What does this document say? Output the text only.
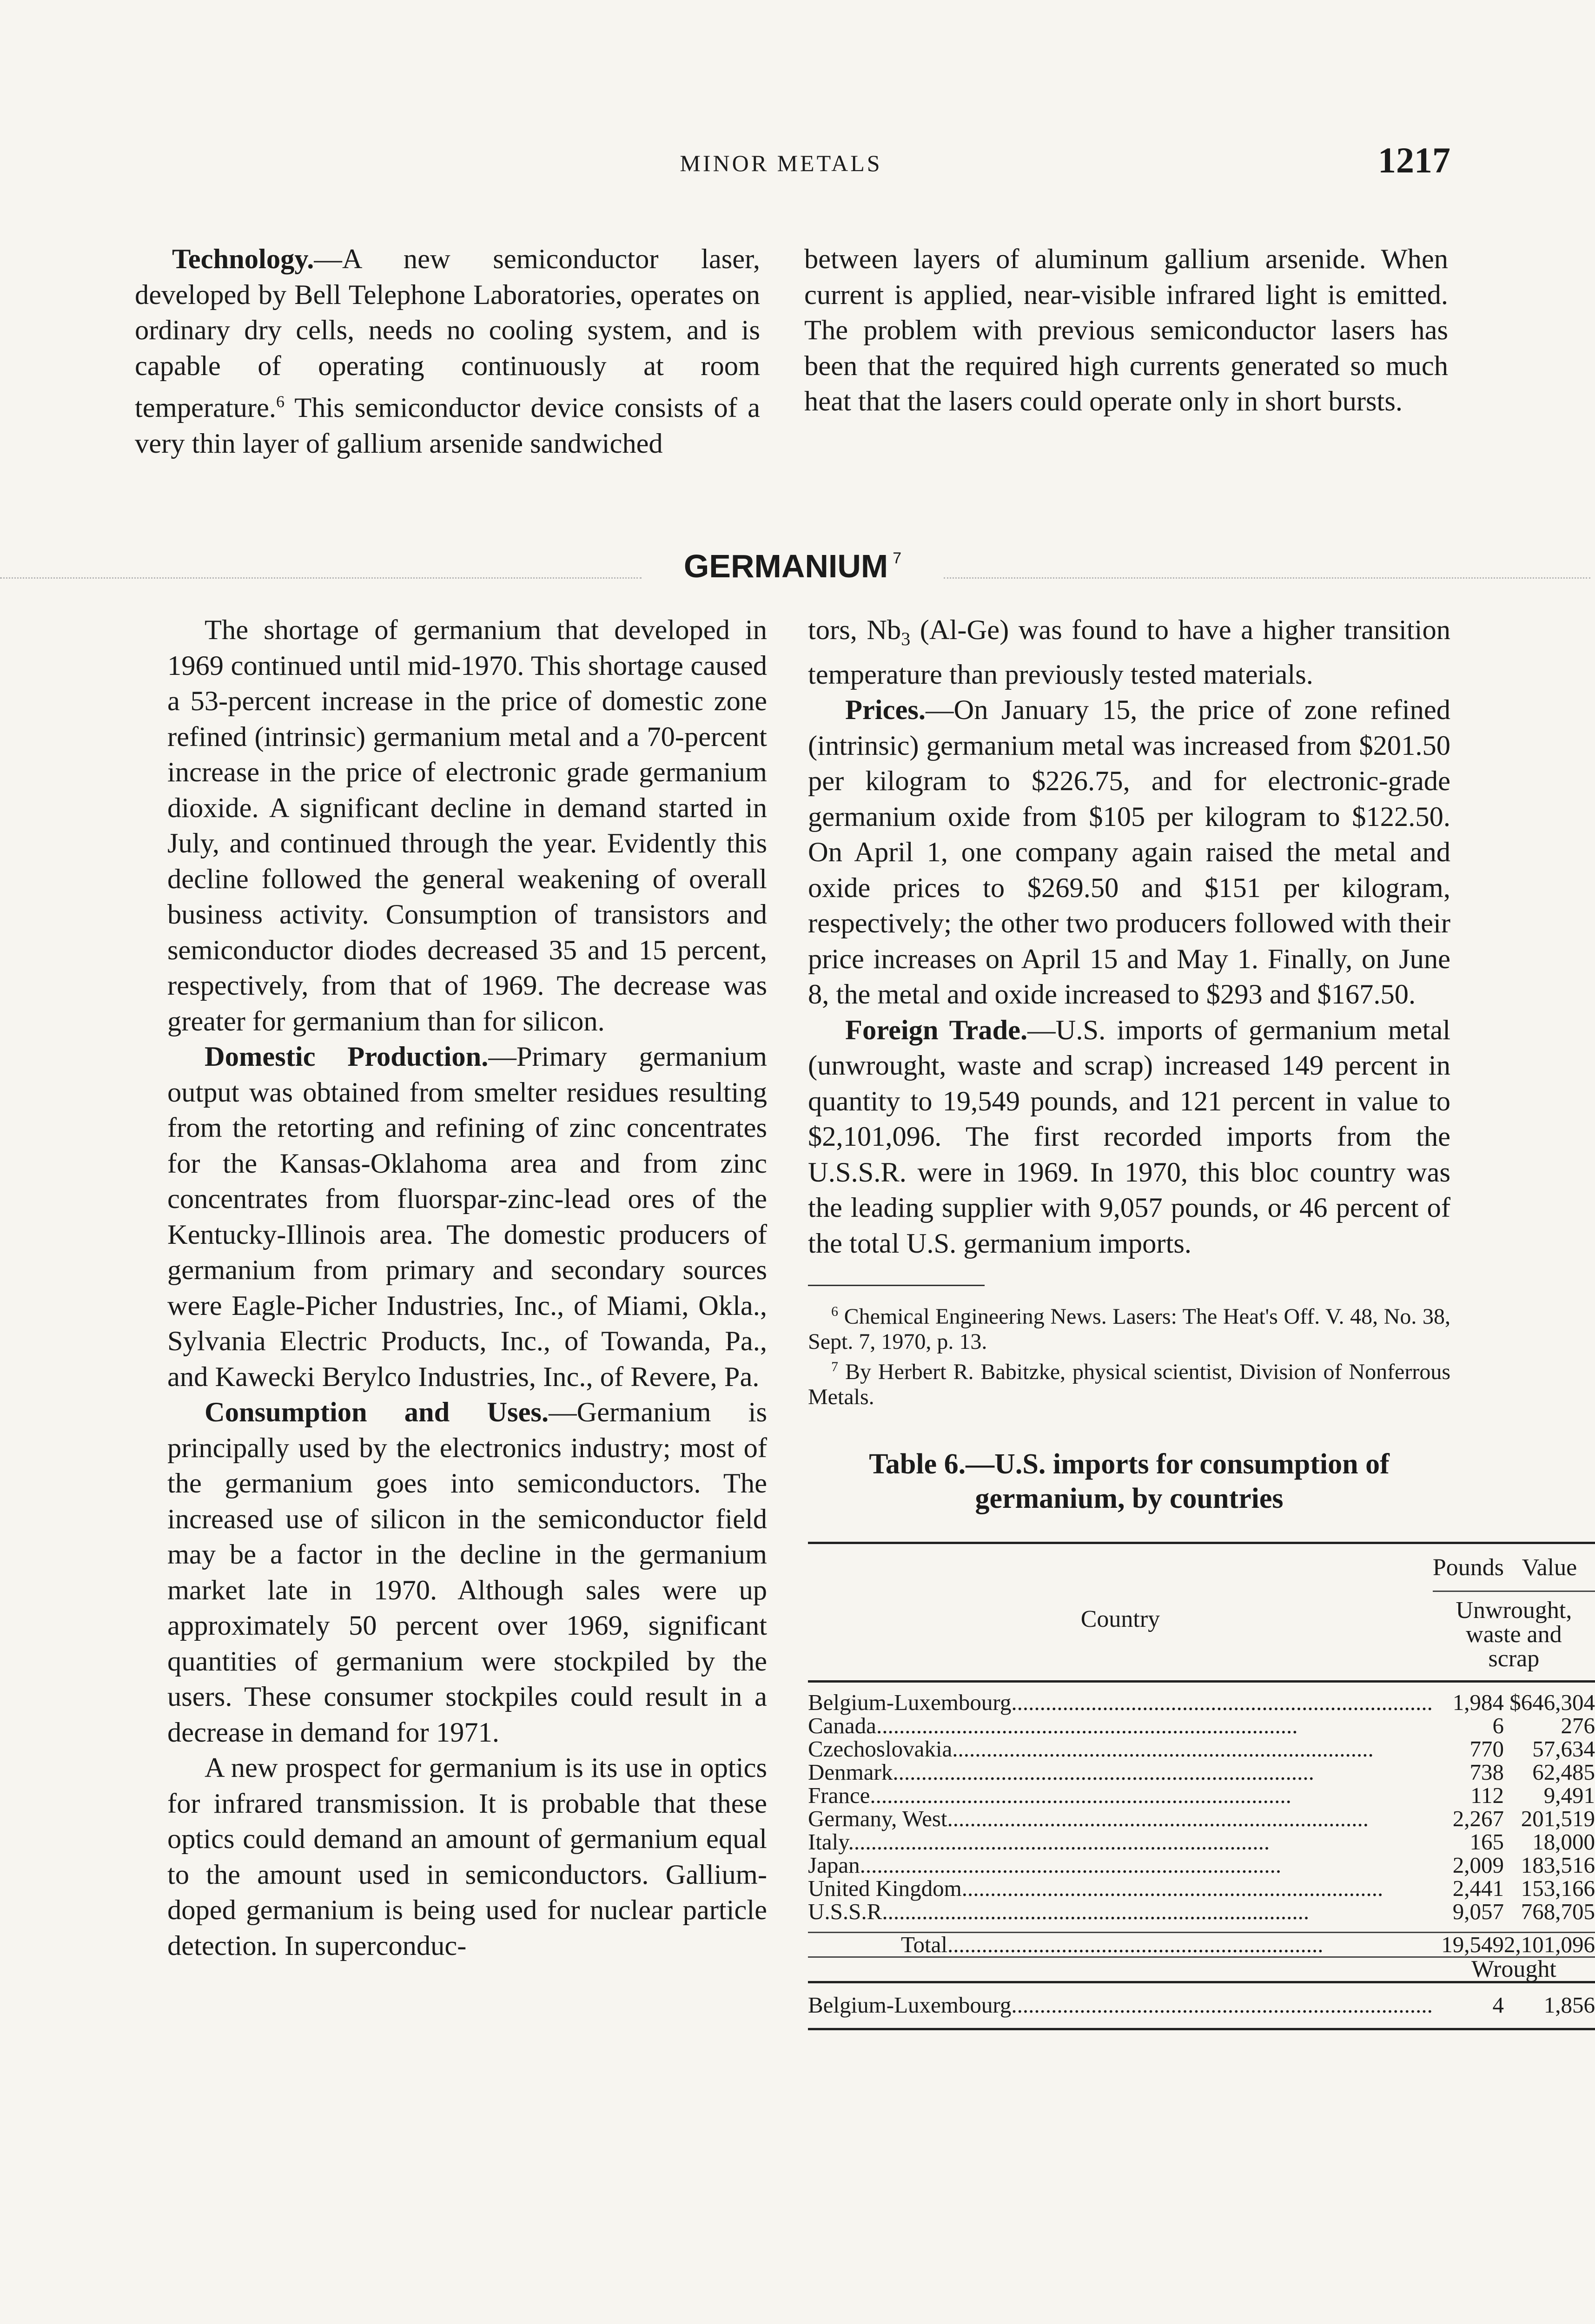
MINOR METALS	1217

Technology.—A new semiconductor laser, developed by Bell Telephone Laboratories, operates on ordinary dry cells, needs no cooling system, and is capable of operating continuously at room temperature.$^6$ This semiconductor device consists of a very thin layer of gallium arsenide sandwiched

between layers of aluminum gallium arsenide. When current is applied, near-visible infrared light is emitted. The problem with previous semiconductor lasers has been that the required high currents generated so much heat that the lasers could operate only in short bursts.

GERMANIUM $^7$

The shortage of germanium that developed in 1969 continued until mid-1970. This shortage caused a 53-percent increase in the price of domestic zone refined (intrinsic) germanium metal and a 70-percent increase in the price of electronic grade germanium dioxide. A significant decline in demand started in July, and continued through the year. Evidently this decline followed the general weakening of overall business activity. Consumption of transistors and semiconductor diodes decreased 35 and 15 percent, respectively, from that of 1969. The decrease was greater for germanium than for silicon.

Domestic Production.—Primary germanium output was obtained from smelter residues resulting from the retorting and refining of zinc concentrates for the Kansas-Oklahoma area and from zinc concentrates from fluorspar-zinc-lead ores of the Kentucky-Illinois area. The domestic producers of germanium from primary and secondary sources were Eagle-Picher Industries, Inc., of Miami, Okla., Sylvania Electric Products, Inc., of Towanda, Pa., and Kawecki Berylco Industries, Inc., of Revere, Pa.

Consumption and Uses.—Germanium is principally used by the electronics industry; most of the germanium goes into semiconductors. The increased use of silicon in the semiconductor field may be a factor in the decline in the germanium market late in 1970. Although sales were up approximately 50 percent over 1969, significant quantities of germanium were stockpiled by the users. These consumer stockpiles could result in a decrease in demand for 1971.

A new prospect for germanium is its use in optics for infrared transmission. It is probable that these optics could demand an amount of germanium equal to the amount used in semiconductors. Gallium-doped germanium is being used for nuclear particle detection. In superconduc-

tors, $Nb_3$ (Al-Ge) was found to have a higher transition temperature than previously tested materials.

Prices.—On January 15, the price of zone refined (intrinsic) germanium metal was increased from $201.50 per kilogram to $226.75, and for electronic-grade germanium oxide from $105 per kilogram to $122.50. On April 1, one company again raised the metal and oxide prices to $269.50 and $151 per kilogram, respectively; the other two producers followed with their price increases on April 15 and May 1. Finally, on June 8, the metal and oxide increased to $293 and $167.50.

Foreign Trade.—U.S. imports of germanium metal (unwrought, waste and scrap) increased 149 percent in quantity to 19,549 pounds, and 121 percent in value to $2,101,096. The first recorded imports from the U.S.S.R. were in 1969. In 1970, this bloc country was the leading supplier with 9,057 pounds, or 46 percent of the total U.S. germanium imports.

$^6$ Chemical Engineering News. Lasers: The Heat's Off. V. 48, No. 38, Sept. 7, 1970, p. 13.

$^7$ By Herbert R. Babitzke, physical scientist, Division of Nonferrous Metals.

Table 6.—U.S. imports for consumption of germanium, by countries
Country	Pounds	Value
	Unwrought, waste and scrap	

Belgium-Luxembourg..........................................................................	1,984	$646,304
Canada..........................................................................	6	276
Czechoslovakia..........................................................................	770	57,634
Denmark..........................................................................	738	62,485
France..........................................................................	112	9,491
Germany, West..........................................................................	2,267	201,519
Italy..........................................................................	165	18,000
Japan..........................................................................	2,009	183,516
United Kingdom..........................................................................	2,441	153,166
U.S.S.R...........................................................................	9,057	768,705

Total..................................................................	19,549	2,101,096
	Wrought	

Belgium-Luxembourg..........................................................................	4	1,856
